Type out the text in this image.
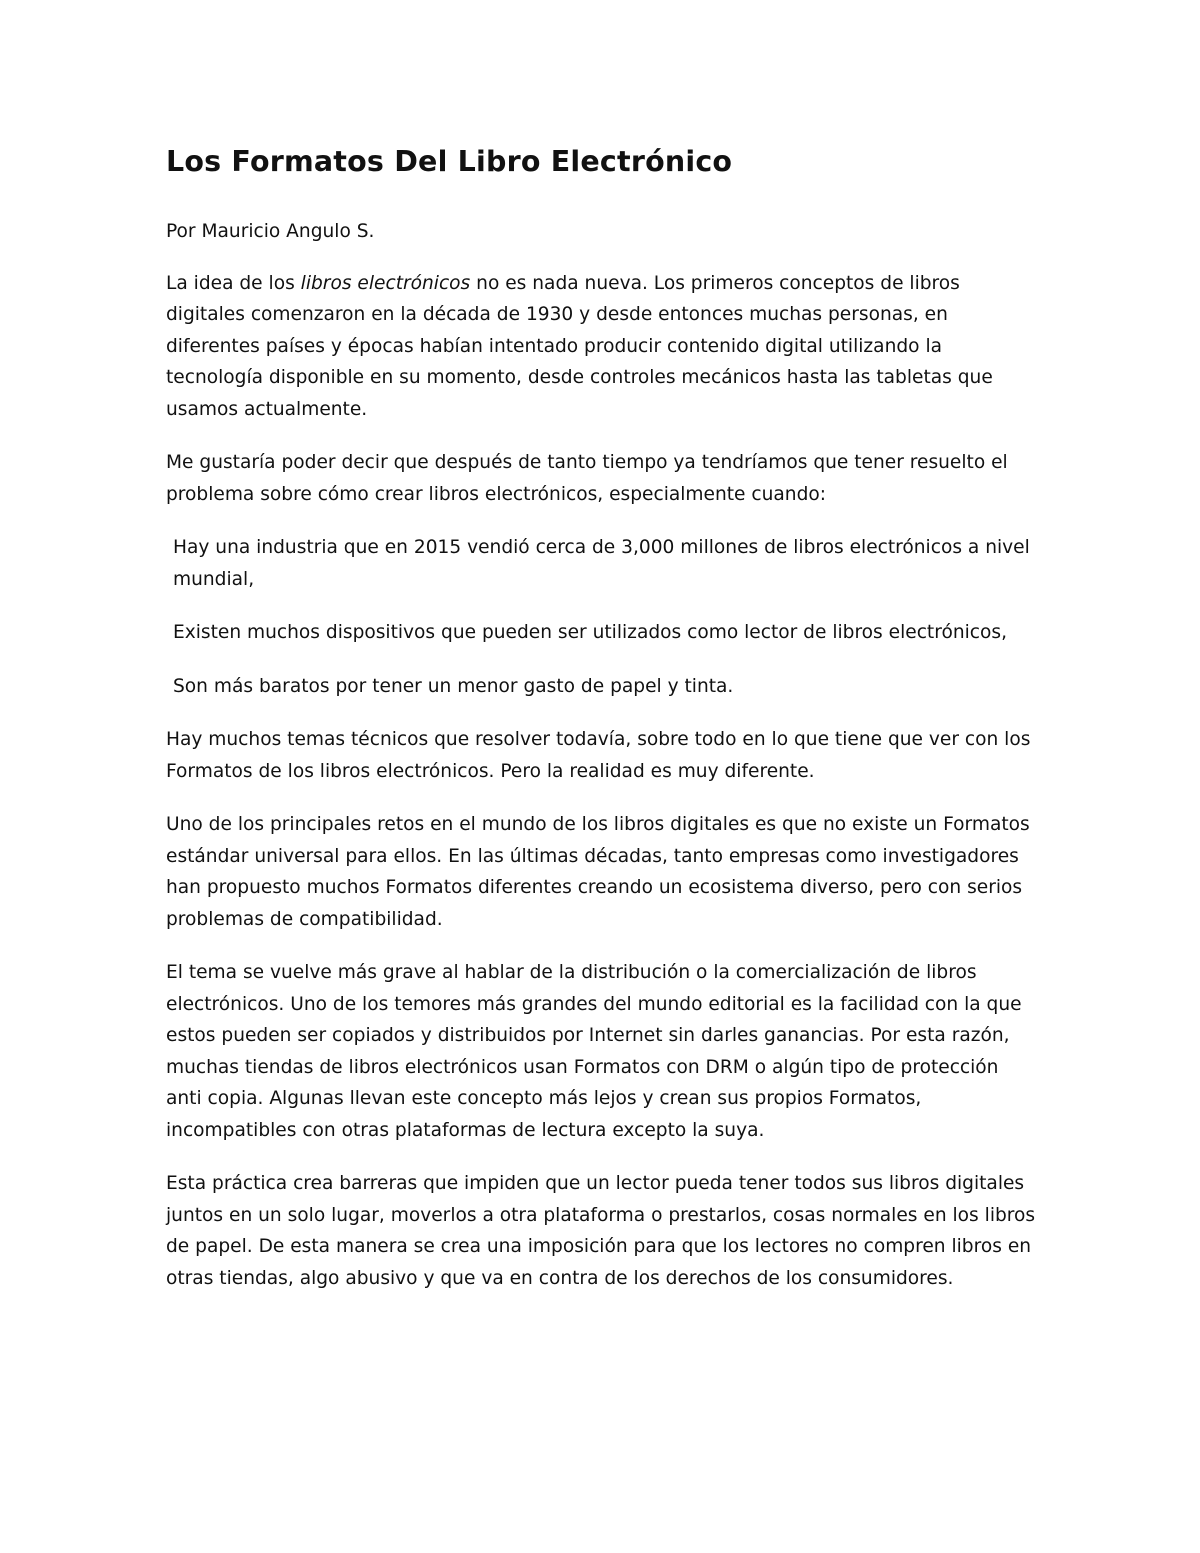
Los Formatos Del Libro Electrónico

Por Mauricio Angulo S.

La idea de los libros electrónicos no es nada nueva. Los primeros conceptos de libros digitales comenzaron en la década de 1930 y desde entonces muchas personas, en diferentes países y épocas habían intentado producir contenido digital utilizando la tecnología disponible en su momento, desde controles mecánicos hasta las tabletas que usamos actualmente.

Me gustaría poder decir que después de tanto tiempo ya tendríamos que tener resuelto el problema sobre cómo crear libros electrónicos, especialmente cuando:

Hay una industria que en 2015 vendió cerca de 3,000 millones de libros electrónicos a nivel mundial,

Existen muchos dispositivos que pueden ser utilizados como lector de libros electrónicos,

Son más baratos por tener un menor gasto de papel y tinta.

Hay muchos temas técnicos que resolver todavía, sobre todo en lo que tiene que ver con los Formatos de los libros electrónicos. Pero la realidad es muy diferente.

Uno de los principales retos en el mundo de los libros digitales es que no existe un Formatos estándar universal para ellos. En las últimas décadas, tanto empresas como investigadores han propuesto muchos Formatos diferentes creando un ecosistema diverso, pero con serios problemas de compatibilidad.

El tema se vuelve más grave al hablar de la distribución o la comercialización de libros electrónicos. Uno de los temores más grandes del mundo editorial es la facilidad con la que estos pueden ser copiados y distribuidos por Internet sin darles ganancias. Por esta razón, muchas tiendas de libros electrónicos usan Formatos con DRM o algún tipo de protección anti copia. Algunas llevan este concepto más lejos y crean sus propios Formatos, incompatibles con otras plataformas de lectura excepto la suya.

Esta práctica crea barreras que impiden que un lector pueda tener todos sus libros digitales juntos en un solo lugar, moverlos a otra plataforma o prestarlos, cosas normales en los libros de papel. De esta manera se crea una imposición para que los lectores no compren libros en otras tiendas, algo abusivo y que va en contra de los derechos de los consumidores.
